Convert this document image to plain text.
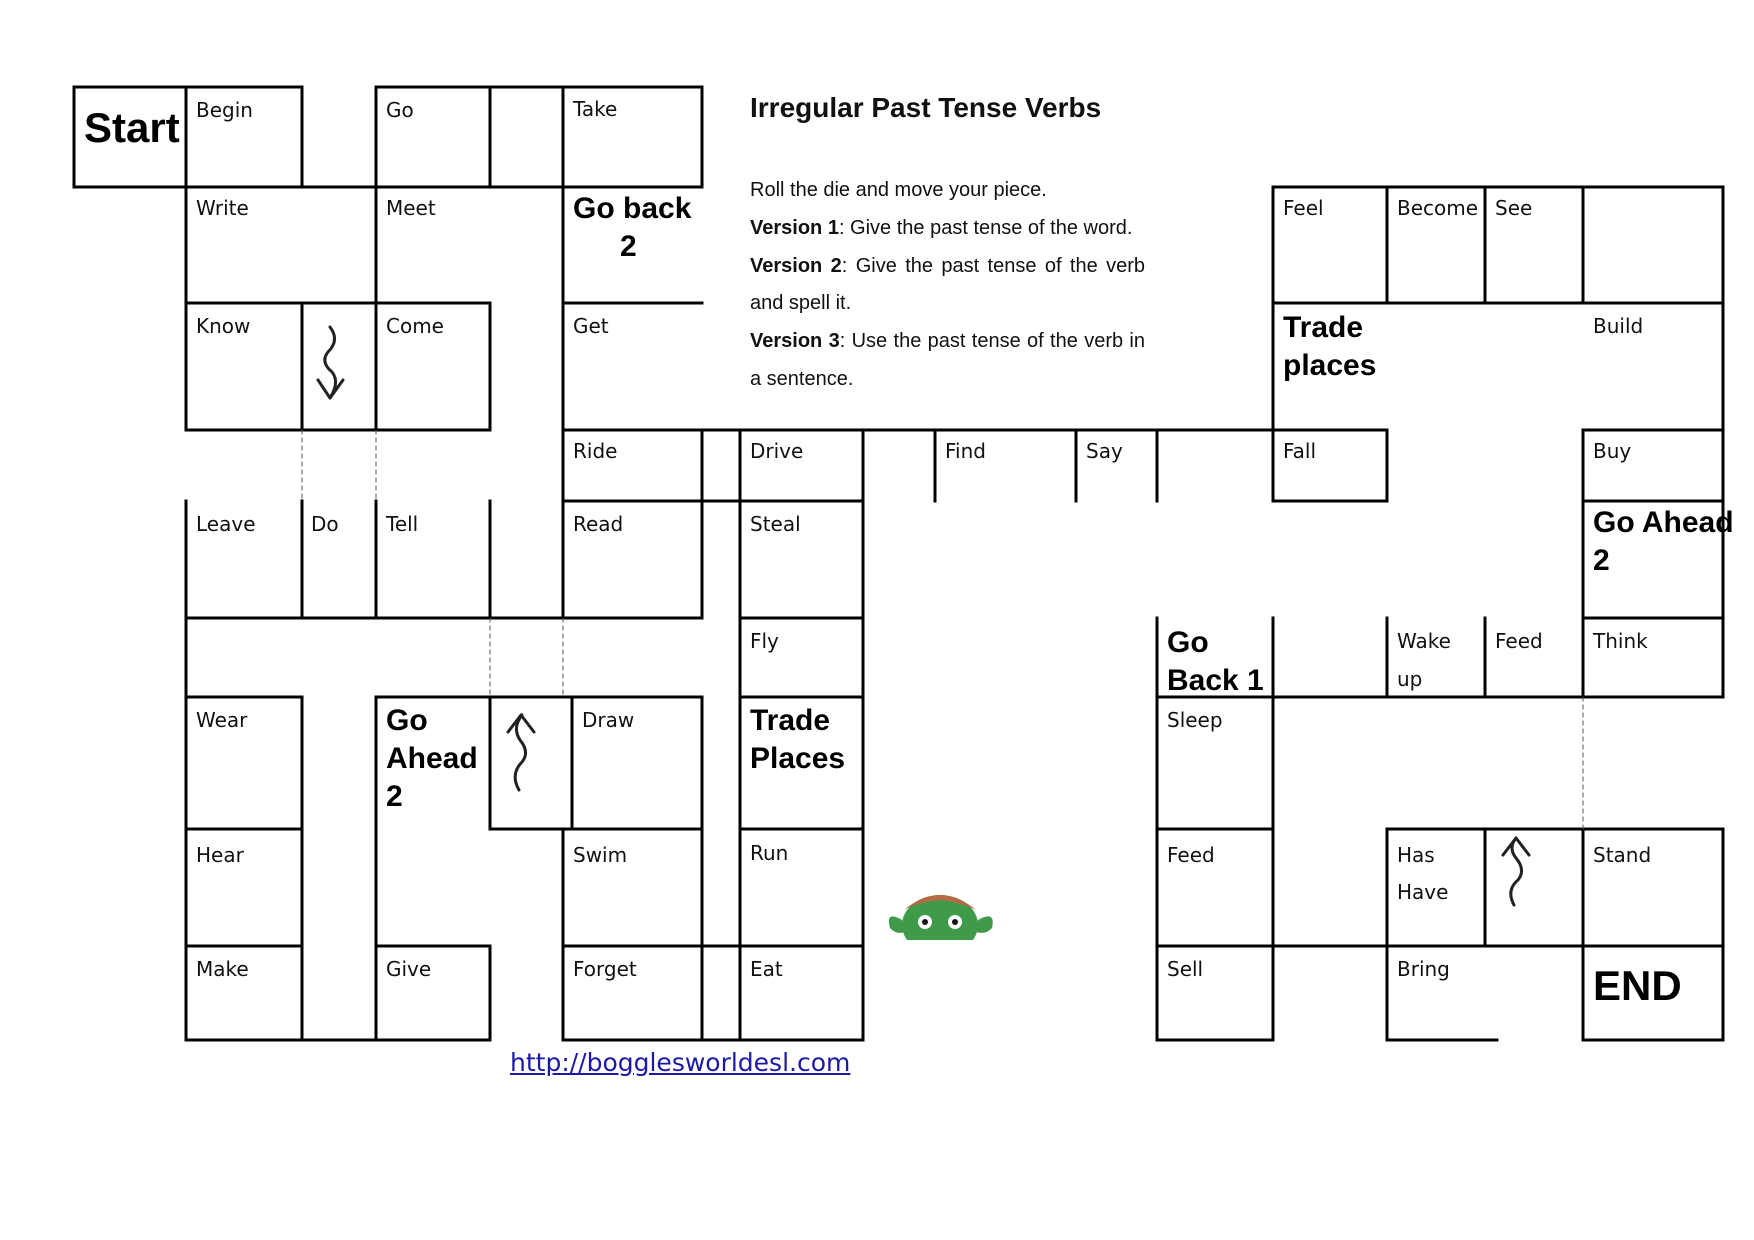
Start Begin	Go	Take
Write	Meet	Go back
2
Know	Come	Get
Ride
Leave	Do Tell	Read
Wear	Go
Ahead
2
Draw
Hear	Swim
Make	Give	Forget
Drive	Find	Say	Fall
Steal
Fly
Trade
Places
Run
Eat
Feel	Become See
Trade
places
Build
Buy
Go Ahead
2
Go
Back 1
Wake
up
Feed	Think
Sleep
Feed	Has
Have
Stand
Sell	Bring	END
Irregular Past Tense Verbs

Roll the die and move your piece.

Version 1: Give the past tense of the word.

Version 2: Give the past tense of the verb and spell it.

Version 3: Use the past tense of the verb in a sentence.

http://bogglesworldesl.com
